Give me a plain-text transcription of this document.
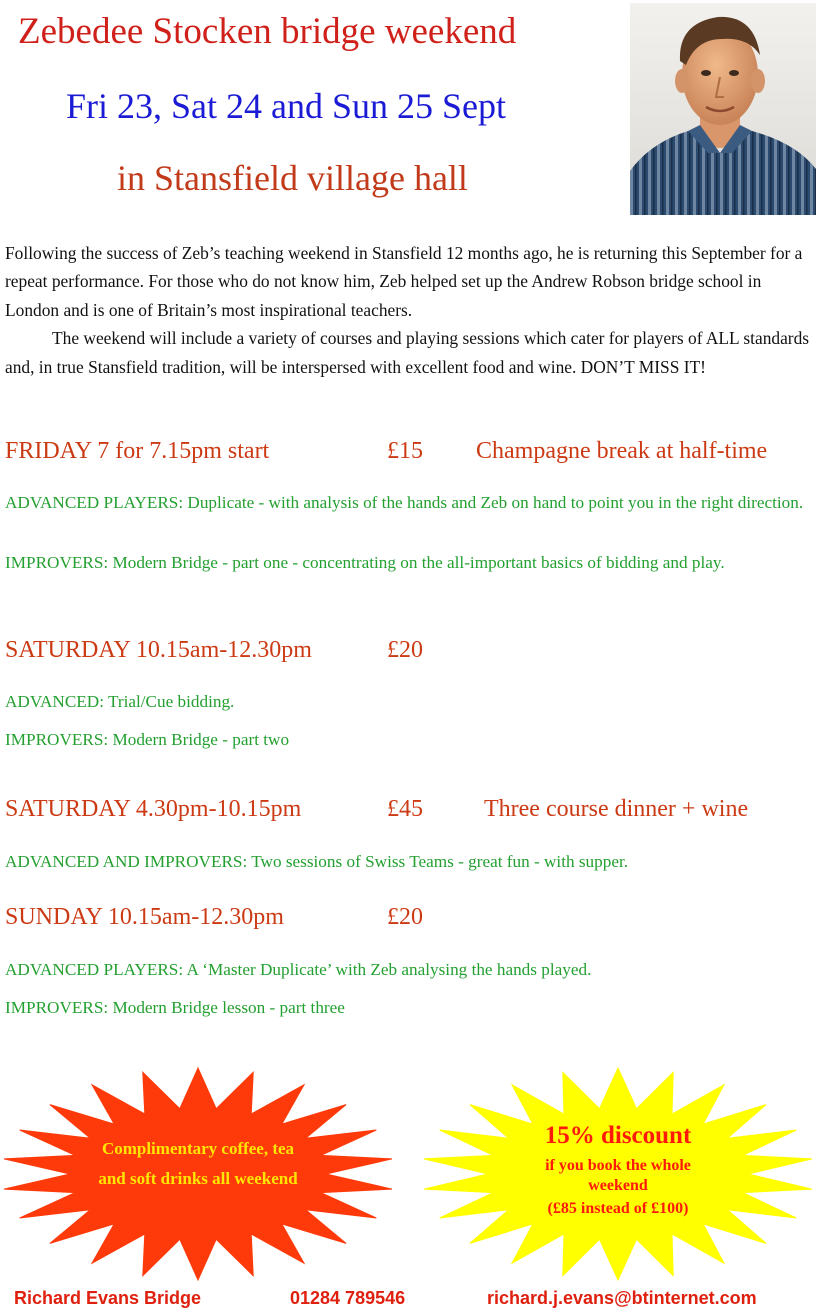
Zebedee Stocken bridge weekend
Fri 23, Sat 24 and Sun 25 Sept
in Stansfield village hall

Following the success of Zeb’s teaching weekend in Stansfield 12 months ago, he is returning this September for a repeat performance. For those who do not know him, Zeb helped set up the Andrew Robson bridge school in London and is one of Britain’s most inspirational teachers.

The weekend will include a variety of courses and playing sessions which cater for players of ALL standards and, in true Stansfield tradition, will be interspersed with excellent food and wine. DON’T MISS IT!

FRIDAY 7 for 7.15pm start	£15 Champagne break at half-time
ADVANCED PLAYERS: Duplicate - with analysis of the hands and Zeb on hand to point you in the right direction.
IMPROVERS: Modern Bridge - part one - concentrating on the all-important basics of bidding and play.
SATURDAY 10.15am-12.30pm	£20
ADVANCED: Trial/Cue bidding.
IMPROVERS: Modern Bridge - part two
SATURDAY 4.30pm-10.15pm	£45	Three course dinner + wine
ADVANCED AND IMPROVERS: Two sessions of Swiss Teams - great fun - with supper.
SUNDAY 10.15am-12.30pm	£20
ADVANCED PLAYERS: A ‘Master Duplicate’ with Zeb analysing the hands played.
IMPROVERS: Modern Bridge lesson - part three
Complimentary coffee, tea and soft drinks all weekend
15% discount
if you book the whole weekend
(£85 instead of £100)
Richard Evans Bridge	01284 789546	richard.j.evans@btinternet.com
